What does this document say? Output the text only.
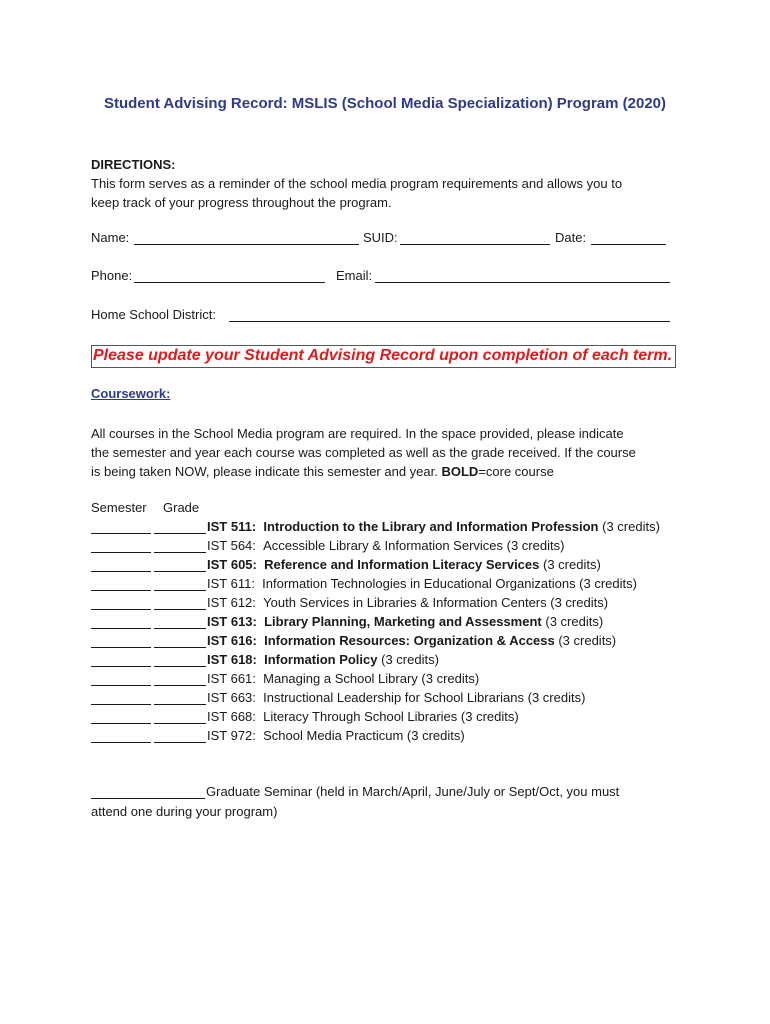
Student Advising Record: MSLIS (School Media Specialization) Program (2020)
DIRECTIONS:
This form serves as a reminder of the school media program requirements and allows you to
keep track of your progress throughout the program.
Name:	SUID:	Date:
Phone:	Email:
Home School District:
Please update your Student Advising Record upon completion of each term.
Coursework:
All courses in the School Media program are required. In the space provided, please indicate
the semester and year each course was completed as well as the grade received. If the course
is being taken NOW, please indicate this semester and year. BOLD=core course
Semester Grade
IST 511: Introduction to the Library and Information Profession (3 credits)
IST 564: Accessible Library & Information Services (3 credits)
IST 605: Reference and Information Literacy Services (3 credits)
IST 611: Information Technologies in Educational Organizations (3 credits)
IST 612: Youth Services in Libraries & Information Centers (3 credits)
IST 613: Library Planning, Marketing and Assessment (3 credits)
IST 616: Information Resources: Organization & Access (3 credits)
IST 618: Information Policy (3 credits)
IST 661: Managing a School Library (3 credits)
IST 663: Instructional Leadership for School Librarians (3 credits)
IST 668: Literacy Through School Libraries (3 credits)
IST 972: School Media Practicum (3 credits)
Graduate Seminar (held in March/April, June/July or Sept/Oct, you must
attend one during your program)
